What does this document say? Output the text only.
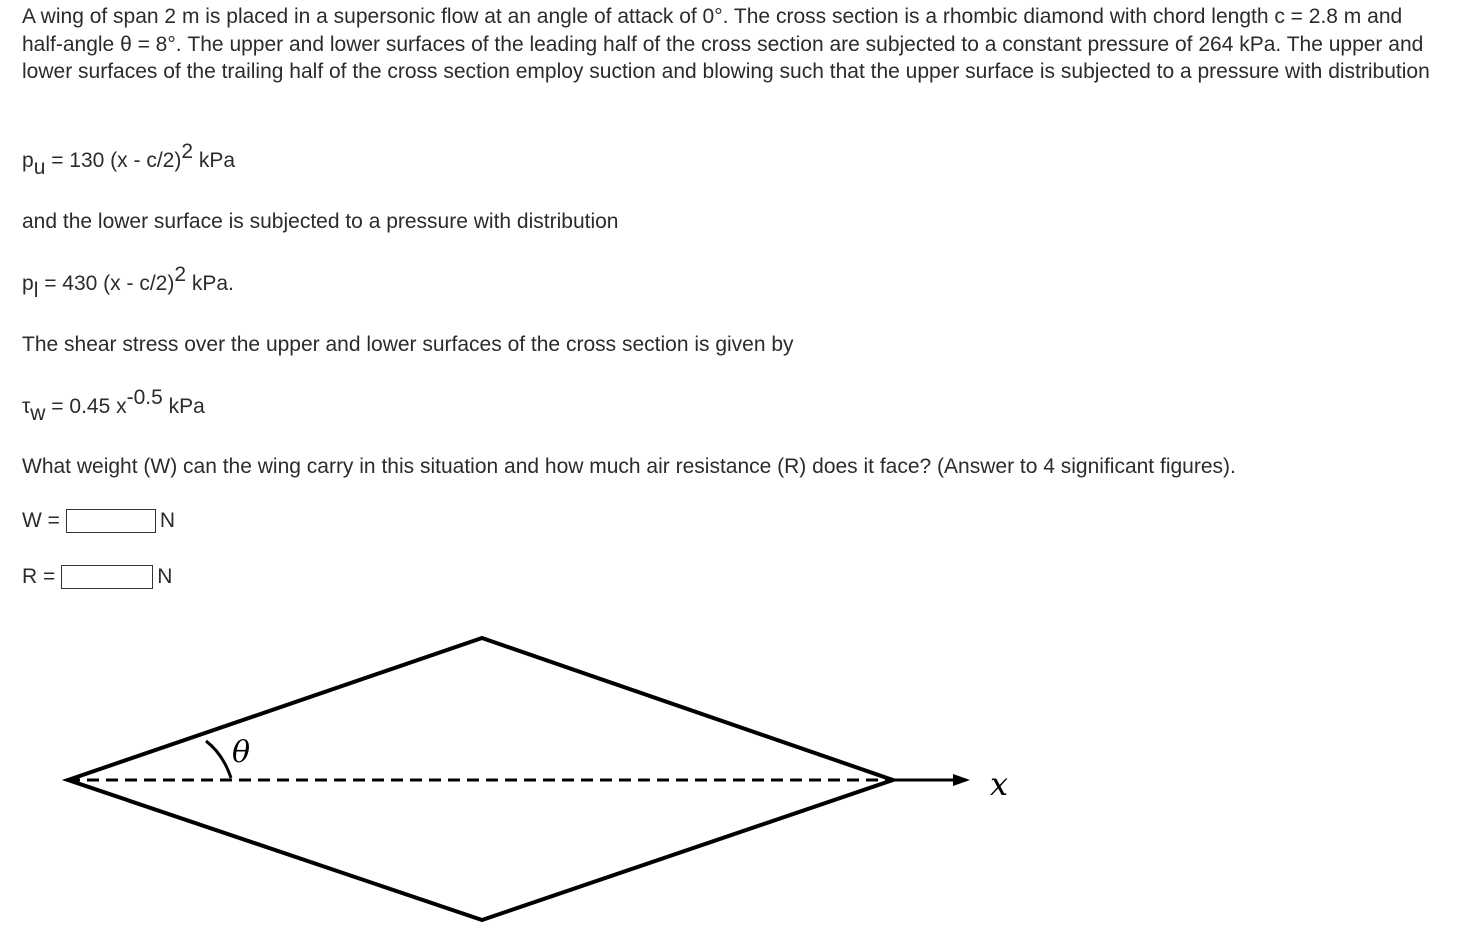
A wing of span 2 m is placed in a supersonic flow at an angle of attack of 0°. The cross section is a rhombic diamond with chord length c = 2.8 m and half-angle θ = 8°. The upper and lower surfaces of the leading half of the cross section are subjected to a constant pressure of 264 kPa. The upper and lower surfaces of the trailing half of the cross section employ suction and blowing such that the upper surface is subjected to a pressure with distribution

pu = 130 (x - c/2)2 kPa

and the lower surface is subjected to a pressure with distribution

pl = 430 (x - c/2)2 kPa.

The shear stress over the upper and lower surfaces of the cross section is given by

τw = 0.45 x-0.5 kPa

What weight (W) can the wing carry in this situation and how much air resistance (R) does it face? (Answer to 4 significant figures).

W =	N
R =	N
θ
x
